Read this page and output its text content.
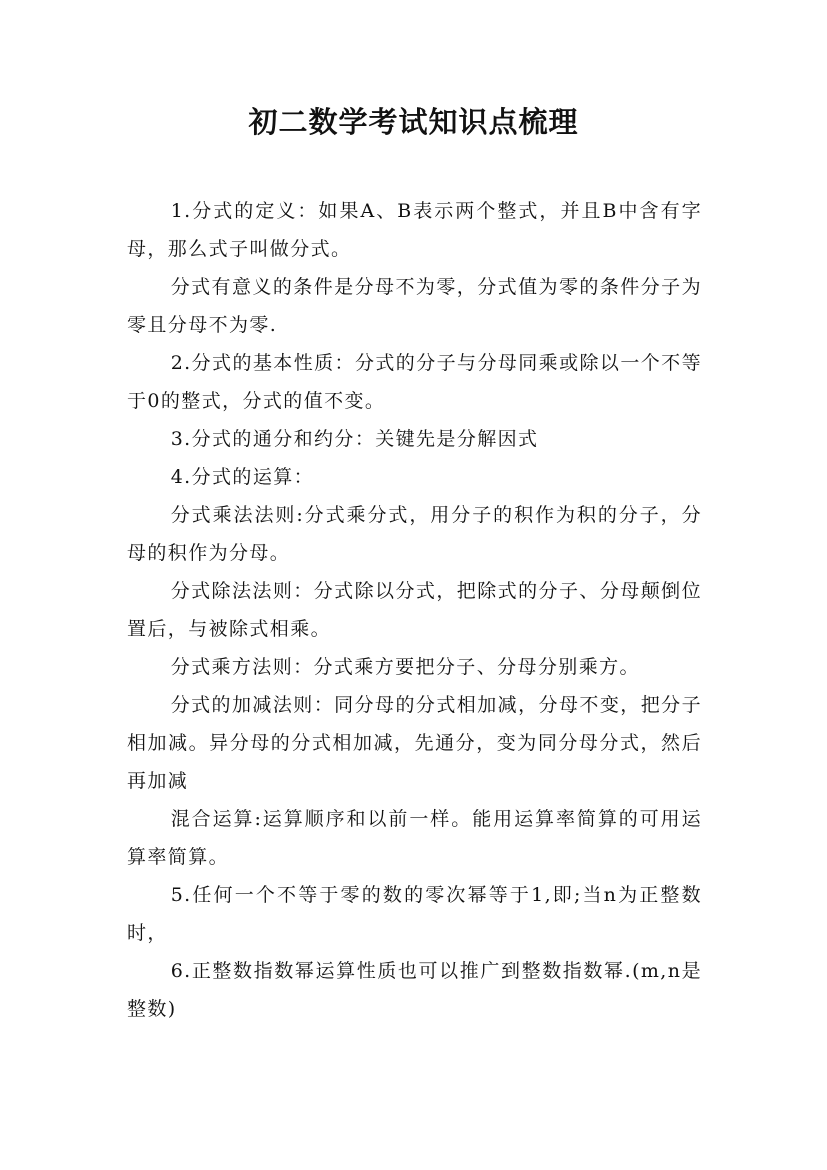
初二数学考试知识点梳理

1.分式的定义：如果A、B表示两个整式，并且B中含有字母，那么式子叫做分式。

分式有意义的条件是分母不为零，分式值为零的条件分子为零且分母不为零.

2.分式的基本性质：分式的分子与分母同乘或除以一个不等于0的整式，分式的值不变。

3.分式的通分和约分：关键先是分解因式

4.分式的运算：

分式乘法法则:分式乘分式，用分子的积作为积的分子，分母的积作为分母。

分式除法法则：分式除以分式，把除式的分子、分母颠倒位置后，与被除式相乘。

分式乘方法则：分式乘方要把分子、分母分别乘方。

分式的加减法则：同分母的分式相加减，分母不变，把分子相加减。异分母的分式相加减，先通分，变为同分母分式，然后再加减

混合运算:运算顺序和以前一样。能用运算率简算的可用运算率简算。

5.任何一个不等于零的数的零次幂等于1,即;当n为正整数时，

6.正整数指数幂运算性质也可以推广到整数指数幂.(m,n是整数)
